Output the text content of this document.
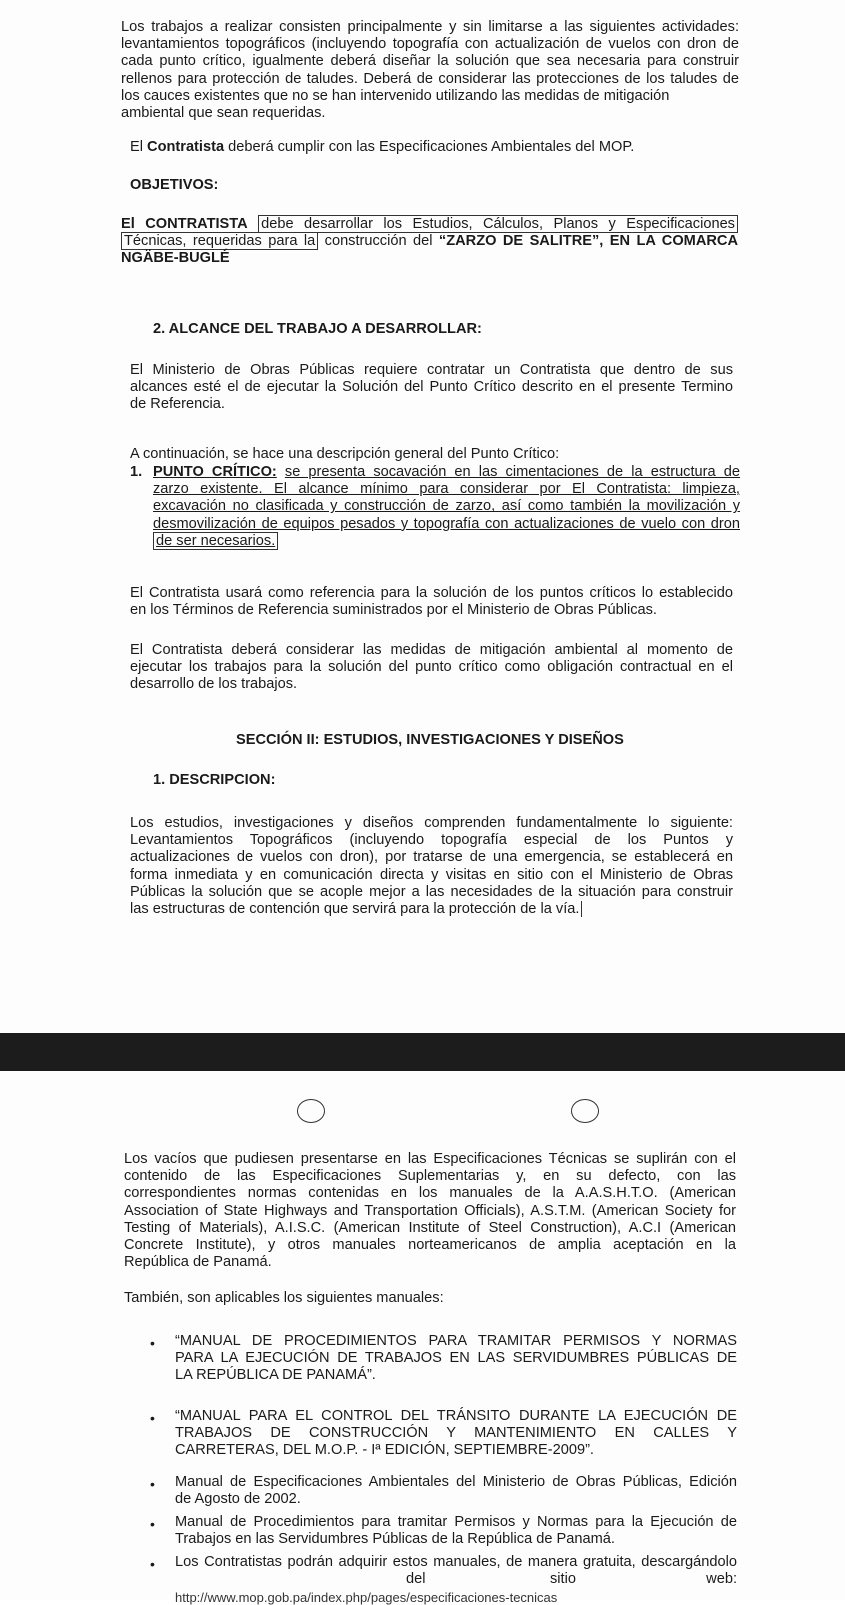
Los trabajos a realizar consisten principalmente y sin limitarse a las siguientes actividades:
levantamientos topográficos (incluyendo topografía con actualización de vuelos con dron de
cada punto crítico, igualmente deberá diseñar la solución que sea necesaria para construir
rellenos para protección de taludes. Deberá de considerar las protecciones de los taludes de
los cauces existentes que no se han intervenido utilizando las medidas de mitigación
ambiental que sean requeridas.
El Contratista deberá cumplir con las Especificaciones Ambientales del MOP.
OBJETIVOS:
El CONTRATISTA debe desarrollar los Estudios, Cálculos, Planos y Especificaciones
Técnicas, requeridas para la construcción del “ZARZO DE SALITRE”, EN LA COMARCA
NGÄBE-BUGLÉ
2. ALCANCE DEL TRABAJO A DESARROLLAR:
El Ministerio de Obras Públicas requiere contratar un Contratista que dentro de sus
alcances esté el de ejecutar la Solución del Punto Crítico descrito en el presente Termino
de Referencia.
A continuación, se hace una descripción general del Punto Crítico:
1. PUNTO CRÍTICO: se presenta socavación en las cimentaciones de la estructura de
zarzo existente. El alcance mínimo para considerar por El Contratista: limpieza,
excavación no clasificada y construcción de zarzo, así como también la movilización y
desmovilización de equipos pesados y topografía con actualizaciones de vuelo con dron
de ser necesarios.
El Contratista usará como referencia para la solución de los puntos críticos lo establecido
en los Términos de Referencia suministrados por el Ministerio de Obras Públicas.
El Contratista deberá considerar las medidas de mitigación ambiental al momento de
ejecutar los trabajos para la solución del punto crítico como obligación contractual en el
desarrollo de los trabajos.
SECCIÓN II: ESTUDIOS, INVESTIGACIONES Y DISEÑOS
1. DESCRIPCION:
Los estudios, investigaciones y diseños comprenden fundamentalmente lo siguiente:
Levantamientos Topográficos (incluyendo topografía especial de los Puntos y
actualizaciones de vuelos con dron), por tratarse de una emergencia, se establecerá en
forma inmediata y en comunicación directa y visitas en sitio con el Ministerio de Obras
Públicas la solución que se acople mejor a las necesidades de la situación para construir
las estructuras de contención que servirá para la protección de la vía.
Los vacíos que pudiesen presentarse en las Especificaciones Técnicas se suplirán con el
contenido de las Especificaciones Suplementarias y, en su defecto, con las
correspondientes normas contenidas en los manuales de la A.A.S.H.T.O. (American
Association of State Highways and Transportation Officials), A.S.T.M. (American Society for
Testing of Materials), A.I.S.C. (American Institute of Steel Construction), A.C.I (American
Concrete Institute), y otros manuales norteamericanos de amplia aceptación en la
República de Panamá.
También, son aplicables los siguientes manuales:
• “MANUAL DE PROCEDIMIENTOS PARA TRAMITAR PERMISOS Y NORMAS
PARA LA EJECUCIÓN DE TRABAJOS EN LAS SERVIDUMBRES PÚBLICAS DE
LA REPÚBLICA DE PANAMÁ”.
• “MANUAL PARA EL CONTROL DEL TRÁNSITO DURANTE LA EJECUCIÓN DE
TRABAJOS DE CONSTRUCCIÓN Y MANTENIMIENTO EN CALLES Y
CARRETERAS, DEL M.O.P. - Iª EDICIÓN, SEPTIEMBRE-2009”.
• Manual de Especificaciones Ambientales del Ministerio de Obras Públicas, Edición
de Agosto de 2002.
• Manual de Procedimientos para tramitar Permisos y Normas para la Ejecución de
Trabajos en las Servidumbres Públicas de la República de Panamá.
• Los Contratistas podrán adquirir estos manuales, de manera gratuita, descargándolo
del	sitio	web:
http://www.mop.gob.pa/index.php/pages/especificaciones-tecnicas
